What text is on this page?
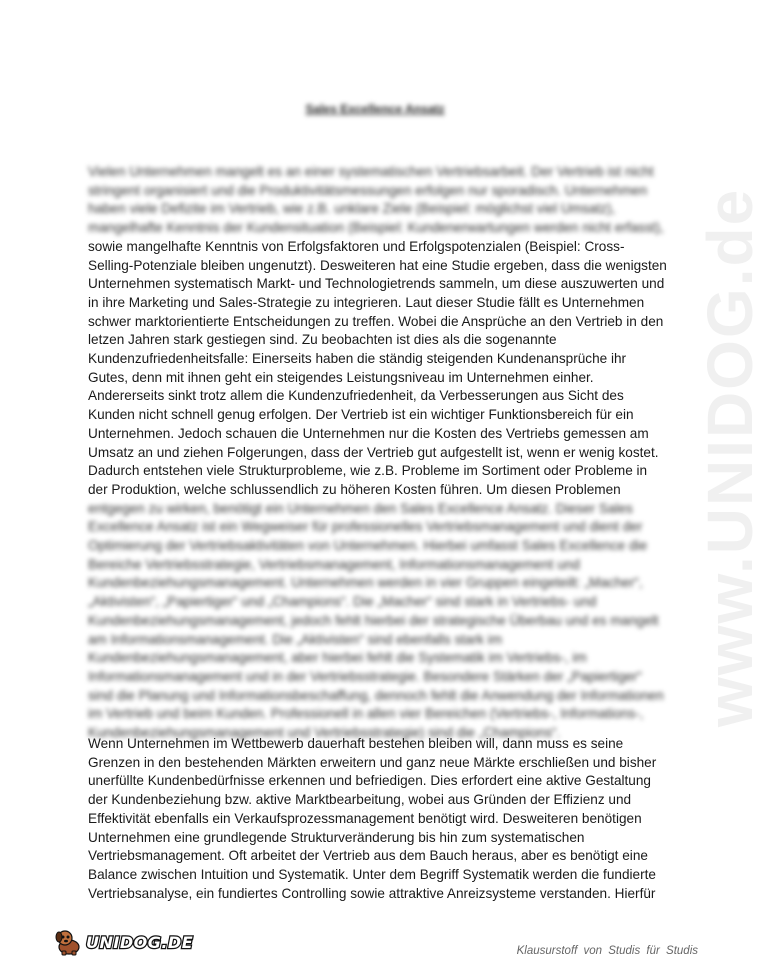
www.UNIDOG.de
Sales Excellence Ansatz

Vielen Unternehmen mangelt es an einer systematischen Vertriebsarbeit. Der Vertrieb ist nicht
stringent organisiert und die Produktivitätsmessungen erfolgen nur sporadisch. Unternehmen
haben viele Defizite im Vertrieb, wie z.B. unklare Ziele (Beispiel: möglichst viel Umsatz),
mangelhafte Kenntnis der Kundensituation (Beispiel: Kundenerwartungen werden nicht erfasst),
sowie mangelhafte Kenntnis von Erfolgsfaktoren und Erfolgspotenzialen (Beispiel: Cross-
Selling-Potenziale bleiben ungenutzt). Desweiteren hat eine Studie ergeben, dass die wenigsten
Unternehmen systematisch Markt- und Technologietrends sammeln, um diese auszuwerten und
in ihre Marketing und Sales-Strategie zu integrieren. Laut dieser Studie fällt es Unternehmen
schwer marktorientierte Entscheidungen zu treffen. Wobei die Ansprüche an den Vertrieb in den
letzen Jahren stark gestiegen sind. Zu beobachten ist dies als die sogenannte
Kundenzufriedenheitsfalle: Einerseits haben die ständig steigenden Kundenansprüche ihr
Gutes, denn mit ihnen geht ein steigendes Leistungsniveau im Unternehmen einher.
Andererseits sinkt trotz allem die Kundenzufriedenheit, da Verbesserungen aus Sicht des
Kunden nicht schnell genug erfolgen. Der Vertrieb ist ein wichtiger Funktionsbereich für ein
Unternehmen. Jedoch schauen die Unternehmen nur die Kosten des Vertriebs gemessen am
Umsatz an und ziehen Folgerungen, dass der Vertrieb gut aufgestellt ist, wenn er wenig kostet.
Dadurch entstehen viele Strukturprobleme, wie z.B. Probleme im Sortiment oder Probleme in
der Produktion, welche schlussendlich zu höheren Kosten führen. Um diesen Problemen
entgegen zu wirken, benötigt ein Unternehmen den Sales Excellence Ansatz. Dieser Sales
Excellence Ansatz ist ein Wegweiser für professionelles Vertriebsmanagement und dient der
Optimierung der Vertriebsaktivitäten von Unternehmen. Hierbei umfasst Sales Excellence die
Bereiche Vertriebsstrategie, Vertriebsmanagement, Informationsmanagement und
Kundenbeziehungsmanagement. Unternehmen werden in vier Gruppen eingeteilt: „Macher“,
„Aktivisten“, „Papiertiger“ und „Champions“. Die „Macher“ sind stark in Vertriebs- und
Kundenbeziehungsmanagement, jedoch fehlt hierbei der strategische Überbau und es mangelt
am Informationsmanagement. Die „Aktivisten“ sind ebenfalls stark im
Kundenbeziehungsmanagement, aber hierbei fehlt die Systematik im Vertriebs-, im
Informationsmanagement und in der Vertriebsstrategie. Besondere Stärken der „Papiertiger“
sind die Planung und Informationsbeschaffung, dennoch fehlt die Anwendung der Informationen
im Vertrieb und beim Kunden. Professionell in allen vier Bereichen (Vertriebs-, Informations-,
Kundenbeziehungsmanagement und Vertriebsstrategie) sind die „Champions“.

Wenn Unternehmen im Wettbewerb dauerhaft bestehen bleiben will, dann muss es seine
Grenzen in den bestehenden Märkten erweitern und ganz neue Märkte erschließen und bisher
unerfüllte Kundenbedürfnisse erkennen und befriedigen. Dies erfordert eine aktive Gestaltung
der Kundenbeziehung bzw. aktive Marktbearbeitung, wobei aus Gründen der Effizienz und
Effektivität ebenfalls ein Verkaufsprozessmanagement benötigt wird. Desweiteren benötigen
Unternehmen eine grundlegende Strukturveränderung bis hin zum systematischen
Vertriebsmanagement. Oft arbeitet der Vertrieb aus dem Bauch heraus, aber es benötigt eine
Balance zwischen Intuition und Systematik. Unter dem Begriff Systematik werden die fundierte
Vertriebsanalyse, ein fundiertes Controlling sowie attraktive Anreizsysteme verstanden. Hierfür

UNIDOG.DE	Klausurstoff von Studis für Studis
